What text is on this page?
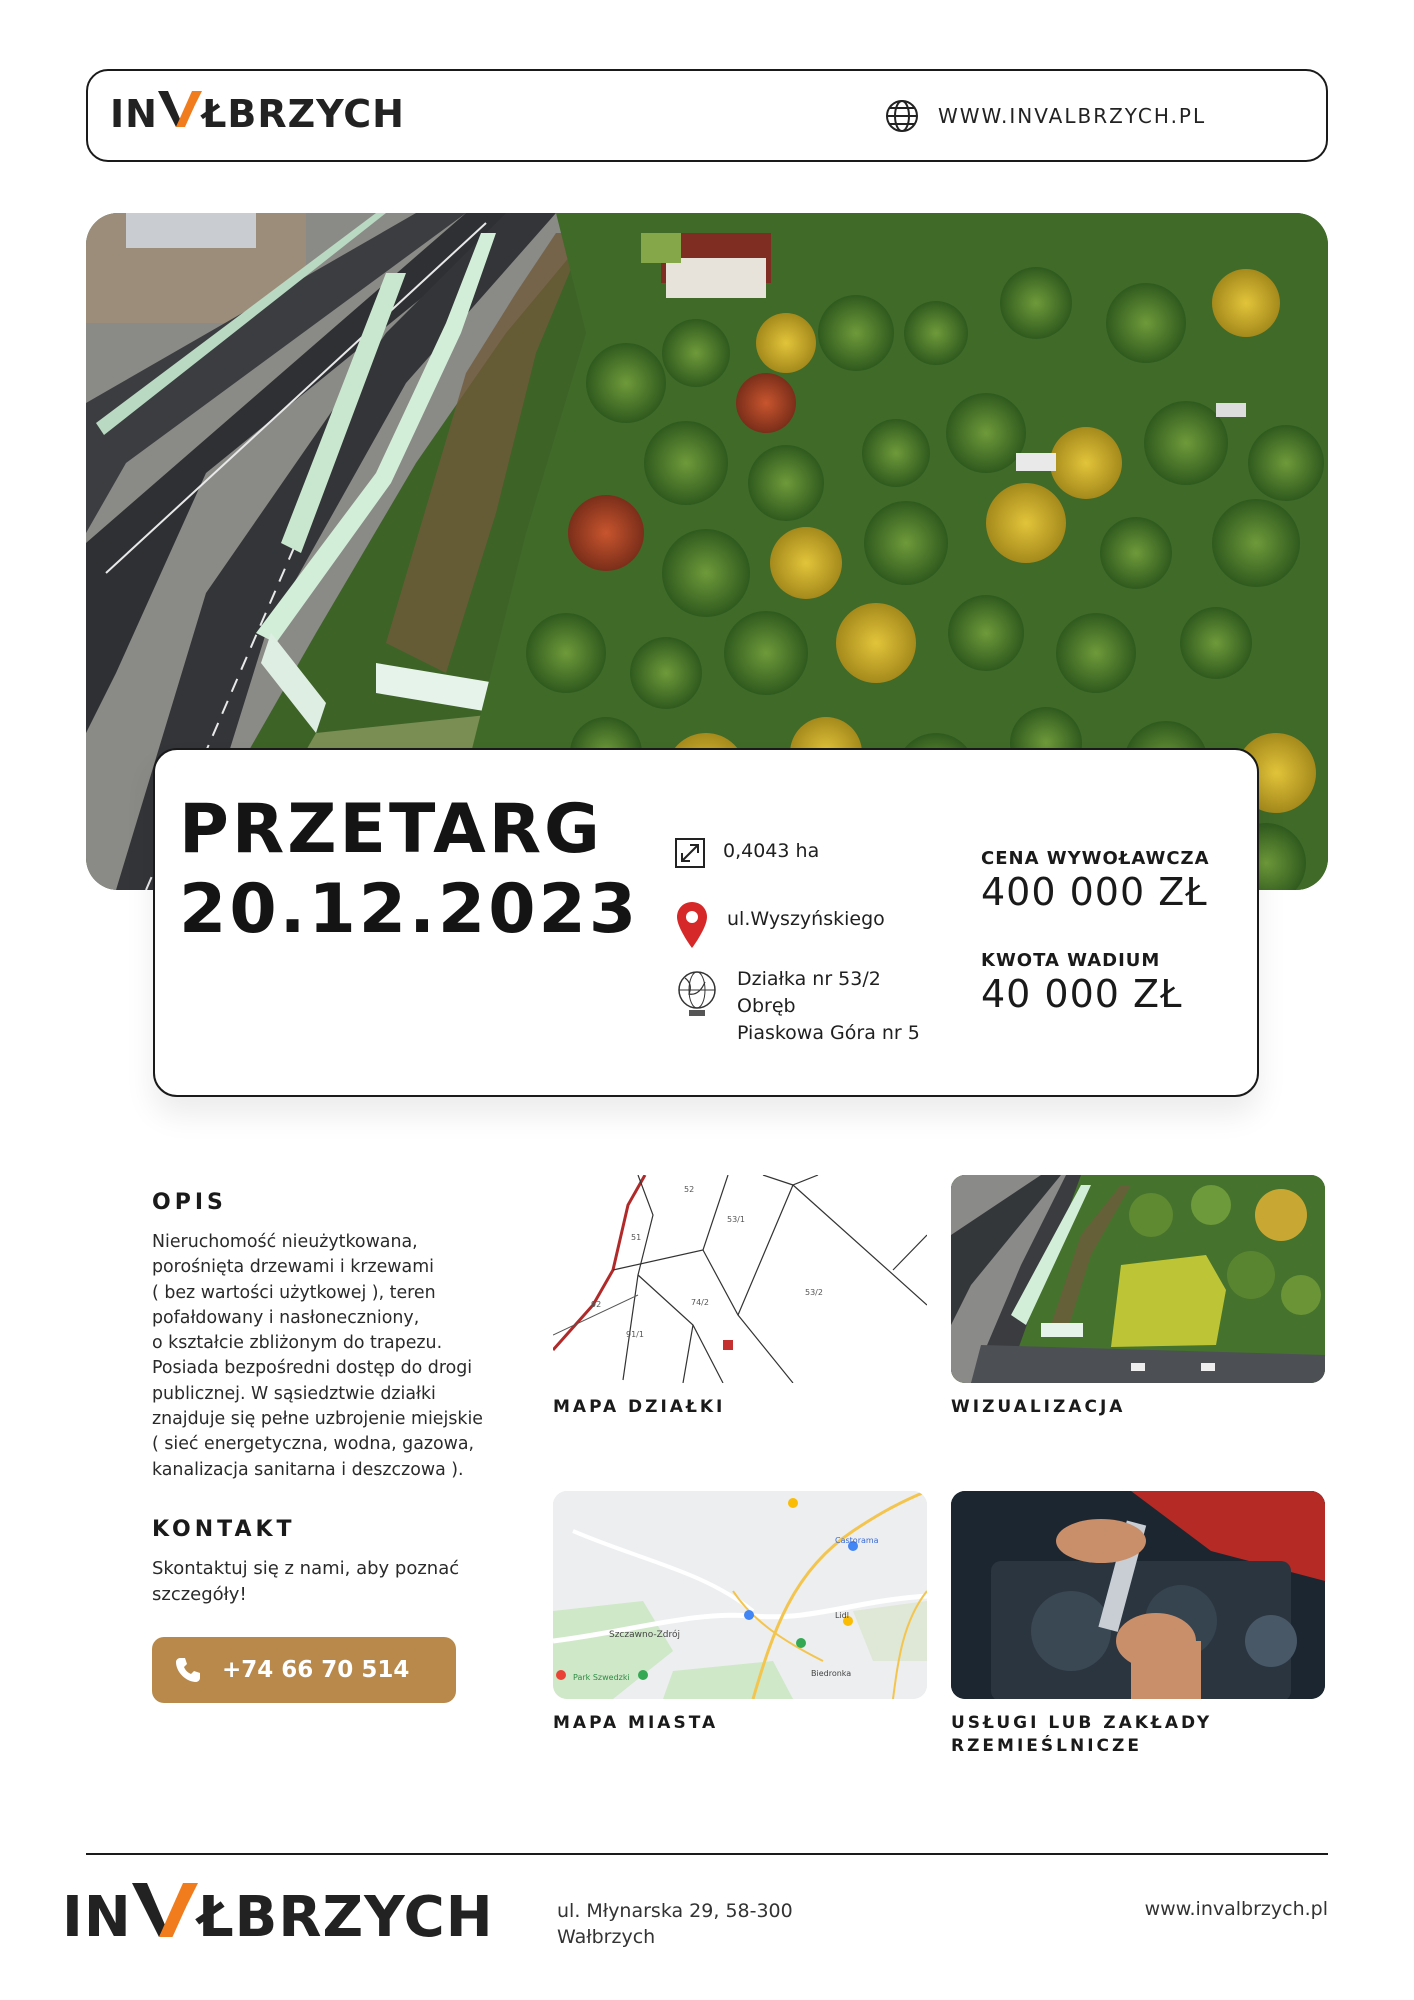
IN ŁBRZYCH	WWW.INVALBRZYCH.PL
PRZETARG
20.12.2023
0,4043 ha
ul.Wyszyńskiego
Działka nr 53/2
Obręb
Piaskowa Góra nr 5
CENA WYWOŁAWCZA
400 000 ZŁ
KWOTA WADIUM
40 000 ZŁ
OPIS
Nieruchomość nieużytkowana,
porośnięta drzewami i krzewami
( bez wartości użytkowej ), teren
pofałdowany i nasłoneczniony,
o kształcie zbliżonym do trapezu.
Posiada bezpośredni dostęp do drogi
publicznej. W sąsiedztwie działki
znajduje się pełne uzbrojenie miejskie
( sieć energetyczna, wodna, gazowa,
kanalizacja sanitarna i deszczowa ).
KONTAKT
Skontaktuj się z nami, aby poznać szczegóły!
+74 66 70 514
52
53/1
51
53/2
74/2
91/1
92
MAPA DZIAŁKI	WIZUALIZACJA
Szczawno-Zdrój
Lidl
Castorama
Biedronka
Park Szwedzki
MAPA MIASTA	USŁUGI LUB ZAKŁADY RZEMIEŚLNICZE
IN ŁBRZYCH	ul. Młynarska 29, 58-300
Wałbrzych
www.invalbrzych.pl
